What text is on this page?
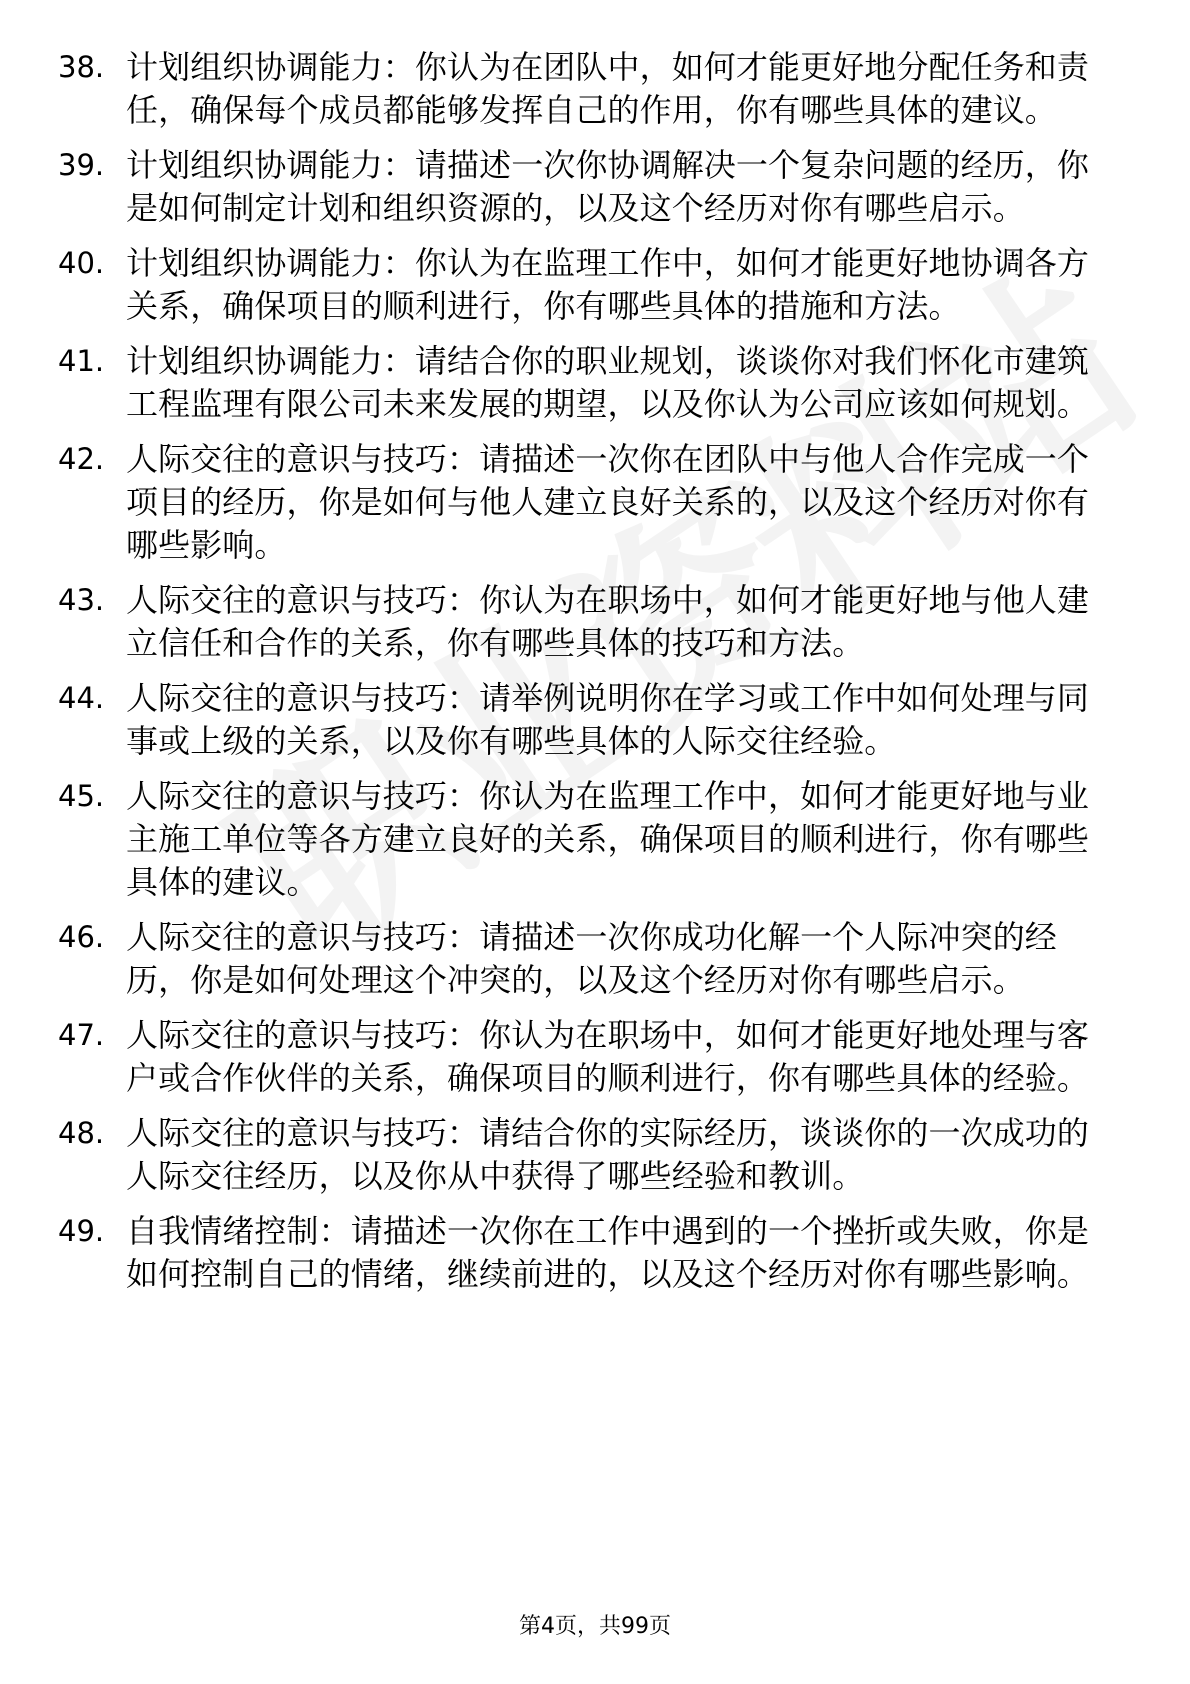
38. 计划组织协调能力：你认为在团队中，如何才能更好地分配任务和责任，确保每个成员都能够发挥自己的作用，你有哪些具体的建议。
39. 计划组织协调能力：请描述一次你协调解决一个复杂问题的经历，你是如何制定计划和组织资源的，以及这个经历对你有哪些启示。
40. 计划组织协调能力：你认为在监理工作中，如何才能更好地协调各方关系，确保项目的顺利进行，你有哪些具体的措施和方法。
41. 计划组织协调能力：请结合你的职业规划，谈谈你对我们怀化市建筑工程监理有限公司未来发展的期望，以及你认为公司应该如何规划。
42. 人际交往的意识与技巧：请描述一次你在团队中与他人合作完成一个项目的经历，你是如何与他人建立良好关系的，以及这个经历对你有哪些影响。
43. 人际交往的意识与技巧：你认为在职场中，如何才能更好地与他人建立信任和合作的关系，你有哪些具体的技巧和方法。
44. 人际交往的意识与技巧：请举例说明你在学习或工作中如何处理与同事或上级的关系，以及你有哪些具体的人际交往经验。
45. 人际交往的意识与技巧：你认为在监理工作中，如何才能更好地与业主施工单位等各方建立良好的关系，确保项目的顺利进行，你有哪些具体的建议。
46. 人际交往的意识与技巧：请描述一次你成功化解一个人际冲突的经历，你是如何处理这个冲突的，以及这个经历对你有哪些启示。
47. 人际交往的意识与技巧：你认为在职场中，如何才能更好地处理与客户或合作伙伴的关系，确保项目的顺利进行，你有哪些具体的经验。
48. 人际交往的意识与技巧：请结合你的实际经历，谈谈你的一次成功的人际交往经历，以及你从中获得了哪些经验和教训。
49. 自我情绪控制：请描述一次你在工作中遇到的一个挫折或失败，你是如何控制自己的情绪，继续前进的，以及这个经历对你有哪些影响。
第4页，共99页
